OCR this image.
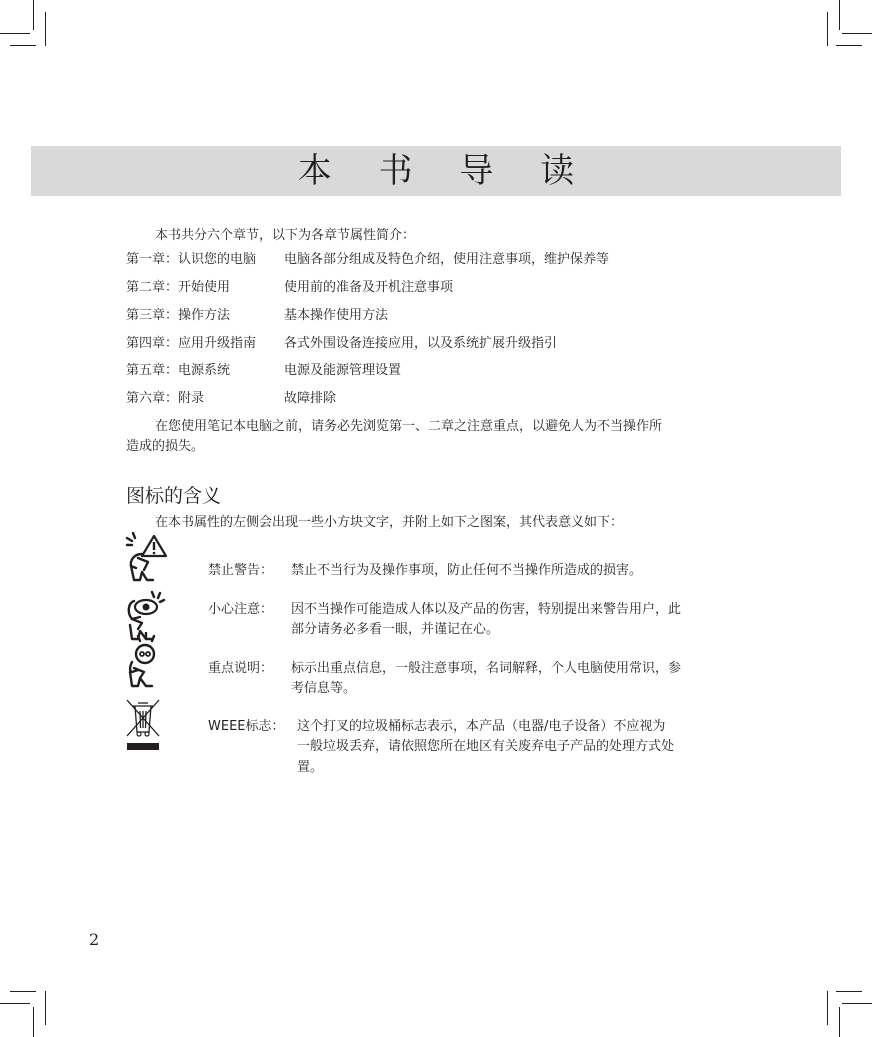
本 书 导 读
本书共分六个章节，以下为各章节属性简介：
第一章：认识您的电脑 电脑各部分组成及特色介绍，使用注意事项，维护保养等
第二章：开始使用	使用前的准备及开机注意事项
第三章：操作方法	基本操作使用方法
第四章：应用升级指南 各式外围设备连接应用，以及系统扩展升级指引
第五章：电源系统	电源及能源管理设置
第六章：附录	故障排除
在您使用笔记本电脑之前，请务必先浏览第一、二章之注意重点，以避免人为不当操作所
造成的损失。
图标的含义
在本书属性的左侧会出现一些小方块文字，并附上如下之图案，其代表意义如下：
禁止警告： 禁止不当行为及操作事项，防止任何不当操作所造成的损害。
小心注意： 因不当操作可能造成人体以及产品的伤害，特别提出来警告用户，此
部分请务必多看一眼，并谨记在心。
重点说明： 标示出重点信息，一般注意事项，名词解释，个人电脑使用常识，参
考信息等。
WEEE标志： 这个打叉的垃圾桶标志表示，本产品（电器/电子设备）不应视为
一般垃圾丢弃，请依照您所在地区有关废弃电子产品的处理方式处
置。
2
